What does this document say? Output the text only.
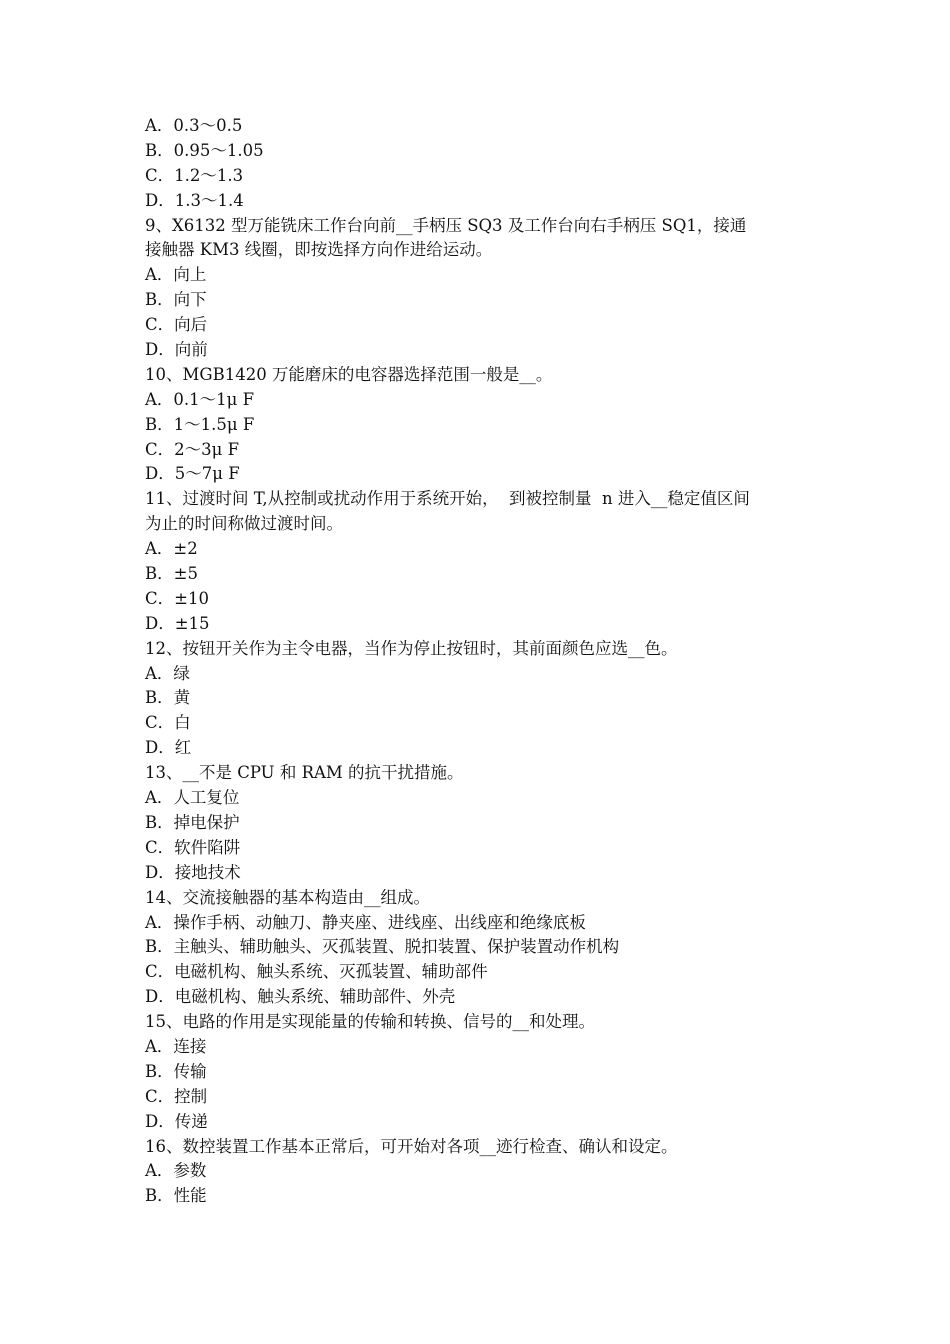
A．0.3～0.5
B．0.95～1.05
C．1.2～1.3
D．1.3～1.4
9、X6132 型万能铣床工作台向前__手柄压 SQ3 及工作台向右手柄压 SQ1，接通
接触器 KM3 线圈，即按选择方向作进给运动。
A．向上
B．向下
C．向后
D．向前
10、MGB1420 万能磨床的电容器选择范围一般是__。
A．0.1～1μ F
B．1～1.5μ F
C．2～3μ F
D．5～7μ F
11、过渡时间 T,从控制或扰动作用于系统开始，  到被控制量  n 进入__稳定值区间
为止的时间称做过渡时间。
A．±2
B．±5
C．±10
D．±15
12、按钮开关作为主令电器，当作为停止按钮时，其前面颜色应选__色。
A．绿
B．黄
C．白
D．红
13、__不是 CPU 和 RAM 的抗干扰措施。
A．人工复位
B．掉电保护
C．软件陷阱
D．接地技术
14、交流接触器的基本构造由__组成。
A．操作手柄、动触刀、静夹座、进线座、出线座和绝缘底板
B．主触头、辅助触头、灭孤装置、脱扣装置、保护装置动作机构
C．电磁机构、触头系统、灭孤装置、辅助部件
D．电磁机构、触头系统、辅助部件、外壳
15、电路的作用是实现能量的传输和转换、信号的__和处理。
A．连接
B．传输
C．控制
D．传递
16、数控装置工作基本正常后，可开始对各项__迹行检查、确认和设定。
A．参数
B．性能
